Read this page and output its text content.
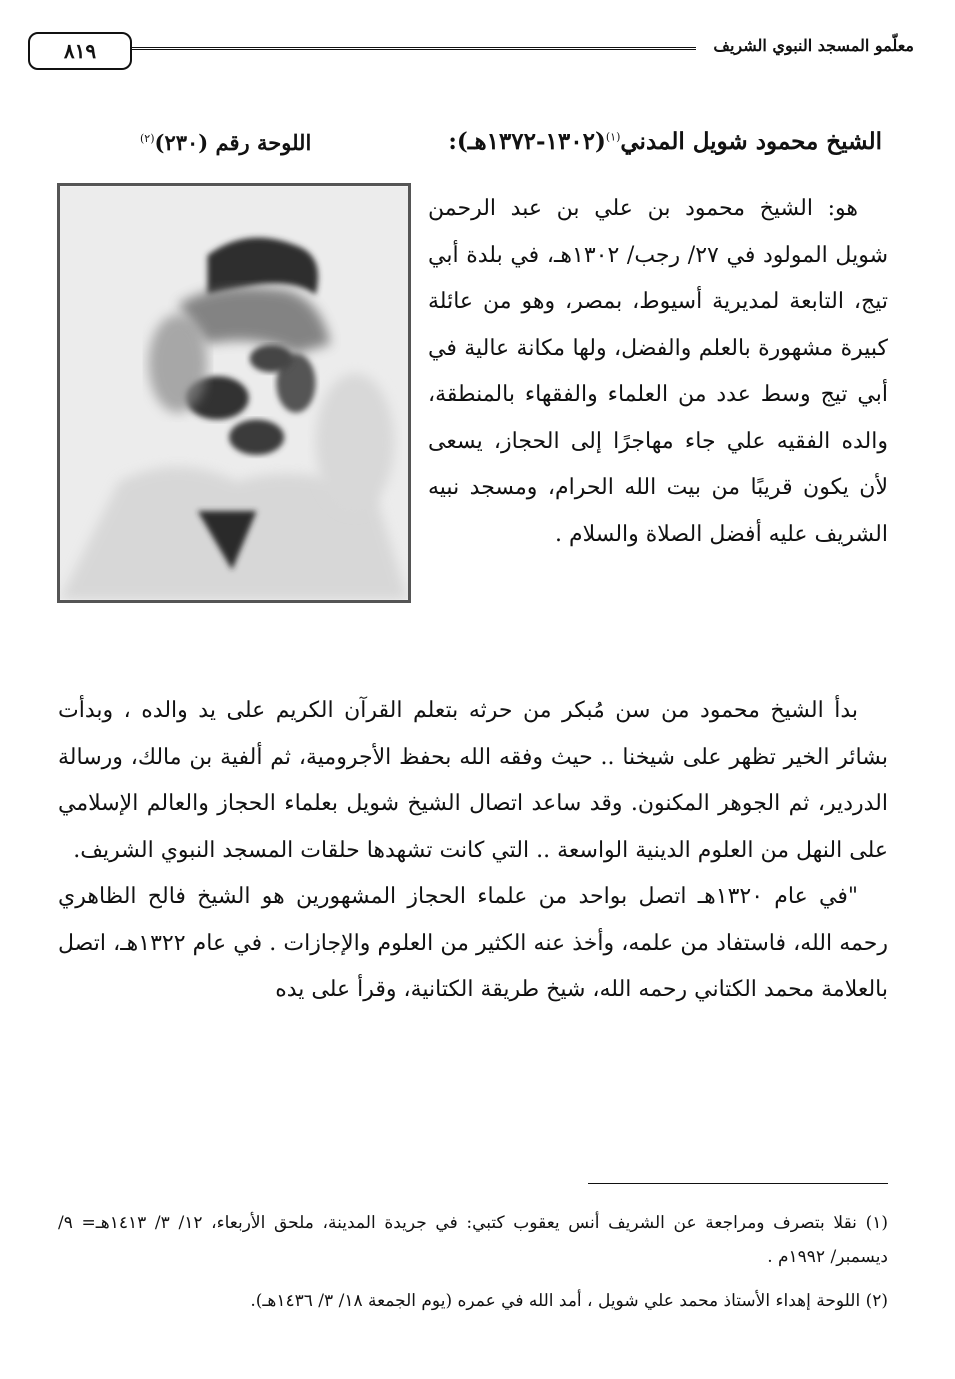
معلّمو المسجد النبوي الشريف
٨١٩
الشيخ محمود شويل المدني$^{(١)}$(١٣٠٢-١٣٧٢هـ):
اللوحة رقم (٢٣٠)$^{(٢)}$

هو: الشيخ محمود بن علي بن عبد الرحمن شويل المولود في ٢٧/ رجب/ ١٣٠٢هـ، في بلدة أبي تيج، التابعة لمديرية أسيوط، بمصر، وهو من عائلة كبيرة مشهورة بالعلم والفضل، ولها مكانة عالية في أبي تيج وسط عدد من العلماء والفقهاء بالمنطقة، والده الفقيه علي جاء مهاجرًا إلى الحجاز، يسعى لأن يكون قريبًا من بيت الله الحرام، ومسجد نبيه الشريف عليه أفضل الصلاة والسلام .

بدأ الشيخ محمود من سن مُبكر من حرثه بتعلم القرآن الكريم على يد والده ، وبدأت بشائر الخير تظهر على شيخنا .. حيث وفقه الله بحفظ الأجرومية، ثم ألفية بن مالك، ورسالة الدردير، ثم الجوهر المكنون. وقد ساعد اتصال الشيخ شويل بعلماء الحجاز والعالم الإسلامي على النهل من العلوم الدينية الواسعة .. التي كانت تشهدها حلقات المسجد النبوي الشريف.

"في عام ١٣٢٠هـ اتصل بواحد من علماء الحجاز المشهورين هو الشيخ فالح الظاهري رحمه الله، فاستفاد من علمه، وأخذ عنه الكثير من العلوم والإجازات . في عام ١٣٢٢هـ، اتصل بالعلامة محمد الكتاني رحمه الله، شيخ طريقة الكتانية، وقرأ على يده

(١) نقلا بتصرف ومراجعة عن الشريف أنس يعقوب كتبي: في جريدة المدينة، ملحق الأربعاء، ١٢/ ٣/ ١٤١٣هـ= ٩/ ديسمبر/ ١٩٩٢م .

(٢) اللوحة إهداء الأستاذ محمد علي شويل ، أمد الله في عمره (يوم الجمعة ١٨/ ٣/ ١٤٣٦هـ).
